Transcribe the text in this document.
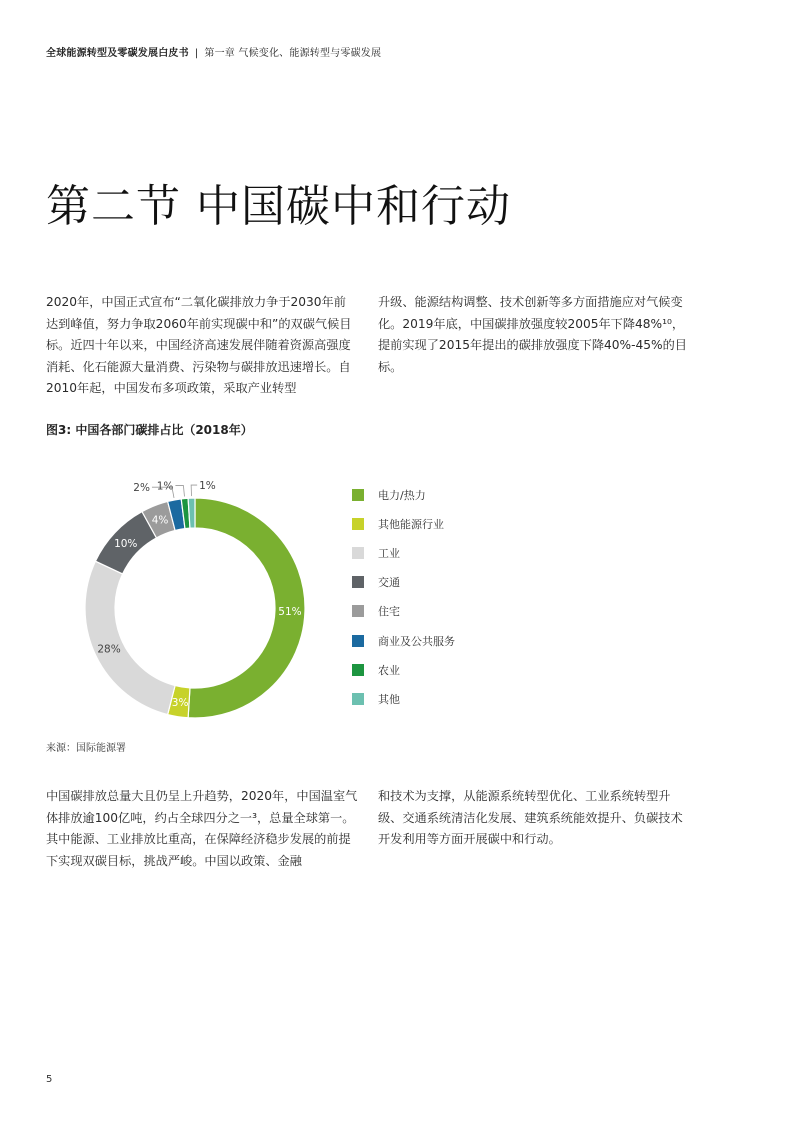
全球能源转型及零碳发展白皮书 | 第一章 气候变化、能源转型与零碳发展
第二节 中国碳中和行动
2020年，中国正式宣布“二氧化碳排放力争于2030年前达到峰值，努力争取2060年前实现碳中和”的双碳气候目标。近四十年以来，中国经济高速发展伴随着资源高强度消耗、化石能源大量消费、污染物与碳排放迅速增长。自2010年起，中国发布多项政策，采取产业转型
升级、能源结构调整、技术创新等多方面措施应对气候变化。2019年底，中国碳排放强度较2005年下降48%¹⁰，提前实现了2015年提出的碳排放强度下降40%-45%的目标。
图3: 中国各部门碳排占比（2018年）
51%
3%
28%
10%
4%
2% 1% 1%
电力/热力
其他能源行业
工业
交通
住宅
商业及公共服务
农业
其他
来源：国际能源署
中国碳排放总量大且仍呈上升趋势，2020年，中国温室气体排放逾100亿吨，约占全球四分之一³，总量全球第一。其中能源、工业排放比重高，在保障经济稳步发展的前提下实现双碳目标，挑战严峻。中国以政策、金融
和技术为支撑，从能源系统转型优化、工业系统转型升级、交通系统清洁化发展、建筑系统能效提升、负碳技术开发利用等方面开展碳中和行动。
5
